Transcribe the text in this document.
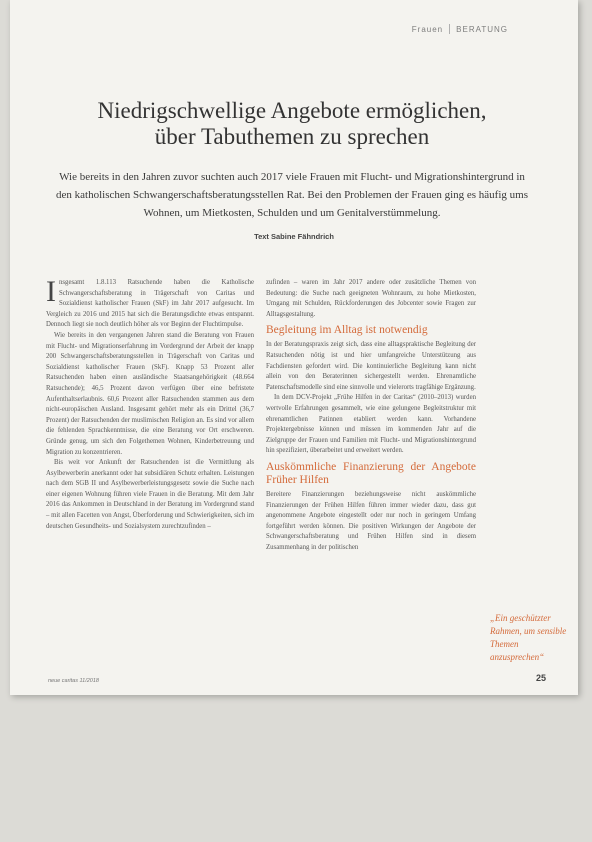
Frauen BERATUNG
Niedrigschwellige Angebote ermöglichen,
über Tabuthemen zu sprechen

Wie bereits in den Jahren zuvor suchten auch 2017 viele Frauen mit Flucht- und Migrationshintergrund in den katholischen Schwangerschaftsberatungsstellen Rat. Bei den Problemen der Frauen ging es häufig ums Wohnen, um Mietkosten, Schulden und um Genitalverstümmelung.

Text Sabine Fähndrich

Insgesamt 1.8.113 Ratsuchende haben die Katholische Schwangerschaftsberatung in Trägerschaft von Caritas und Sozialdienst katholischer Frauen (SkF) im Jahr 2017 aufgesucht. Im Vergleich zu 2016 und 2015 hat sich die Beratungsdichte etwas entspannt. Dennoch liegt sie noch deutlich höher als vor Beginn der Fluchtimpulse.

Wie bereits in den vergangenen Jahren stand die Beratung von Frauen mit Flucht- und Migrationserfahrung im Vordergrund der Arbeit der knapp 200 Schwangerschaftsberatungsstellen in Trägerschaft von Caritas und Sozialdienst katholischer Frauen (SkF). Knapp 53 Prozent aller Ratsuchenden haben einen ausländische Staatsangehörigkeit (48.664 Ratsuchende); 46,5 Prozent davon verfügen über eine befristete Aufenthaltserlaubnis. 60,6 Prozent aller Ratsuchenden stammen aus dem nicht-europäischen Ausland. Insgesamt gehört mehr als ein Drittel (36,7 Prozent) der Ratsuchenden der muslimischen Religion an. Es sind vor allem die fehlenden Sprachkenntnisse, die eine Beratung vor Ort erschweren. Gründe genug, um sich den Folgethemen Wohnen, Kinderbetreuung und Migration zu konzentrieren.

Bis weit vor Ankunft der Ratsuchenden ist die Vermittlung als Asylbewerberin anerkannt oder hat subsidiären Schutz erhalten. Leistungen nach dem SGB II und Asylbewerberleistungsgesetz sowie die Suche nach einer eigenen Wohnung führen viele Frauen in die Beratung. Mit dem Jahr 2016 das Ankommen in Deutschland in der Beratung im Vordergrund stand – mit allen Facetten von Angst, Überforderung und Schwierigkeiten, sich im deutschen Gesundheits- und Sozialsystem zurechtzufinden –

zufinden – waren im Jahr 2017 andere oder zusätzliche Themen von Bedeutung: die Suche nach geeigneten Wohnraum, zu hohe Mietkosten, Umgang mit Schulden, Rückforderungen des Jobcenter sowie Fragen zur Alltagsgestaltung.

Begleitung im Alltag ist notwendig

In der Beratungspraxis zeigt sich, dass eine alltagspraktische Begleitung der Ratsuchenden nötig ist und hier umfangreiche Unterstützung aus Fachdiensten gefordert wird. Die kontinuierliche Begleitung kann nicht allein von den Beraterinnen sichergestellt werden. Ehrenamtliche Patenschaftsmodelle sind eine sinnvolle und vielerorts tragfähige Ergänzung.

In dem DCV-Projekt „Frühe Hilfen in der Caritas“ (2010–2013) wurden wertvolle Erfahrungen gesammelt, wie eine gelungene Begleitstruktur mit ehrenamtlichen Patinnen etabliert werden kann. Vorhandene Projektergebnisse können und müssen im kommenden Jahr auf die Zielgruppe der Frauen und Familien mit Flucht- und Migrationshintergrund hin spezifiziert, überarbeitet und erweitert werden.

Auskömmliche Finanzierung der Angebote Früher Hilfen

Bereitere Finanzierungen beziehungsweise nicht auskömmliche Finanzierungen der Frühen Hilfen führen immer wieder dazu, dass gut angenommene Angebote eingestellt oder nur noch in geringem Umfang fortgeführt werden können. Die positiven Wirkungen der Angebote der Schwangerschaftsberatung und Frühen Hilfen sind in diesem Zusammenhang in der politischen

„Ein geschützter Rahmen, um sensible Themen anzusprechen“
neue caritas 11/2018	25
